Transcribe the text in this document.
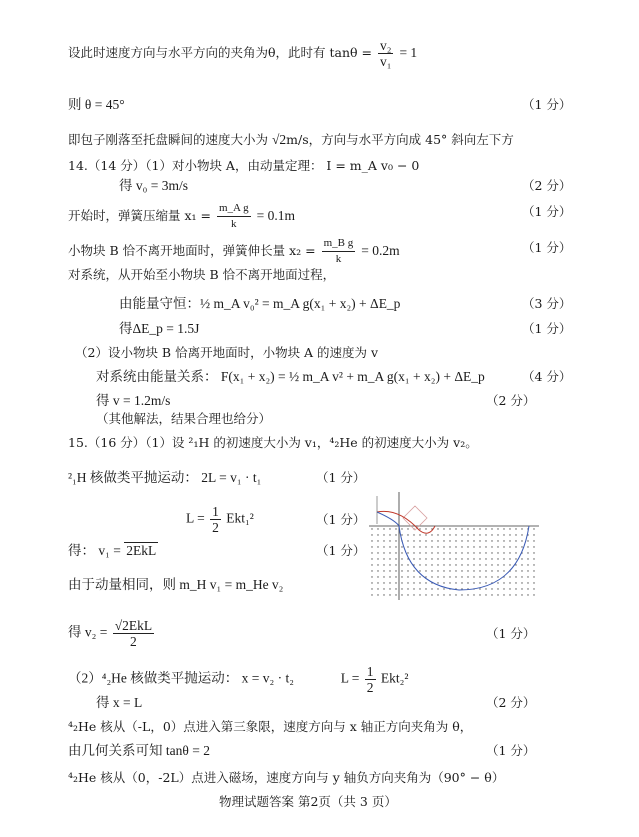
设此时速度方向与水平方向的夹角为θ，此时有 $\tan\theta = \frac{\text{v₂}}{\text{v₁}} = 1$
则 θ = 45°	（1 分）
即包子刚落至托盘瞬间的速度大小为 √2m/s，方向与水平方向成 45° 斜向左下方
14.（14 分）（1）对小物块 A，由动量定理： I = m_A v₀ − 0
得 v₀ = 3m/s	（2 分）
开始时，弹簧压缩量 $x_1 = \frac{\text{m\_A g}}{k} = 0.1m$	（1 分）
小物块 B 恰不离开地面时，弹簧伸长量 $x_2 = \frac{\text{m\_B g}}{k} = 0.2m$	（1 分）
对系统，从开始至小物块 B 恰不离开地面过程，
由能量守恒：½ m_A v₀² = m_A g(x₁ + x₂) + ΔE_p	（3 分）
得ΔE_p = 1.5J	（1 分）
（2）设小物块 B 恰离开地面时，小物块 A 的速度为 v
对系统由能量关系： F(x₁ + x₂) = ½ m_A v² + m_A g(x₁ + x₂) + ΔE_p	（4 分）
得 v = 1.2m/s	（2 分）
（其他解法，结果合理也给分）
15.（16 分）（1）设 ²₁H 的初速度大小为 v₁，⁴₂He 的初速度大小为 v₂。
²₁H 核做类平抛运动： 2L = v₁ · t₁	（1 分）
$L = \frac{1}{2} Ekt_1^2$	（1 分）
得： v₁ = 2EkL	（1 分）
由于动量相同，则 m_H v₁ = m_He v₂
得 $v_2 = \frac{\text{√2EkL}}{2}$	（1 分）
（2）⁴₂He 核做类平抛运动： x = v₂ · t₂	$L = \frac{1}{2} Ekt_2^2$
得 x = L	（2 分）
⁴₂He 核从（-L，0）点进入第三象限，速度方向与 x 轴正方向夹角为 θ，
由几何关系可知 tanθ = 2	（1 分）
⁴₂He 核从（0，-2L）点进入磁场，速度方向与 y 轴负方向夹角为（90° − θ）
物理试题答案 第2页（共 3 页）
